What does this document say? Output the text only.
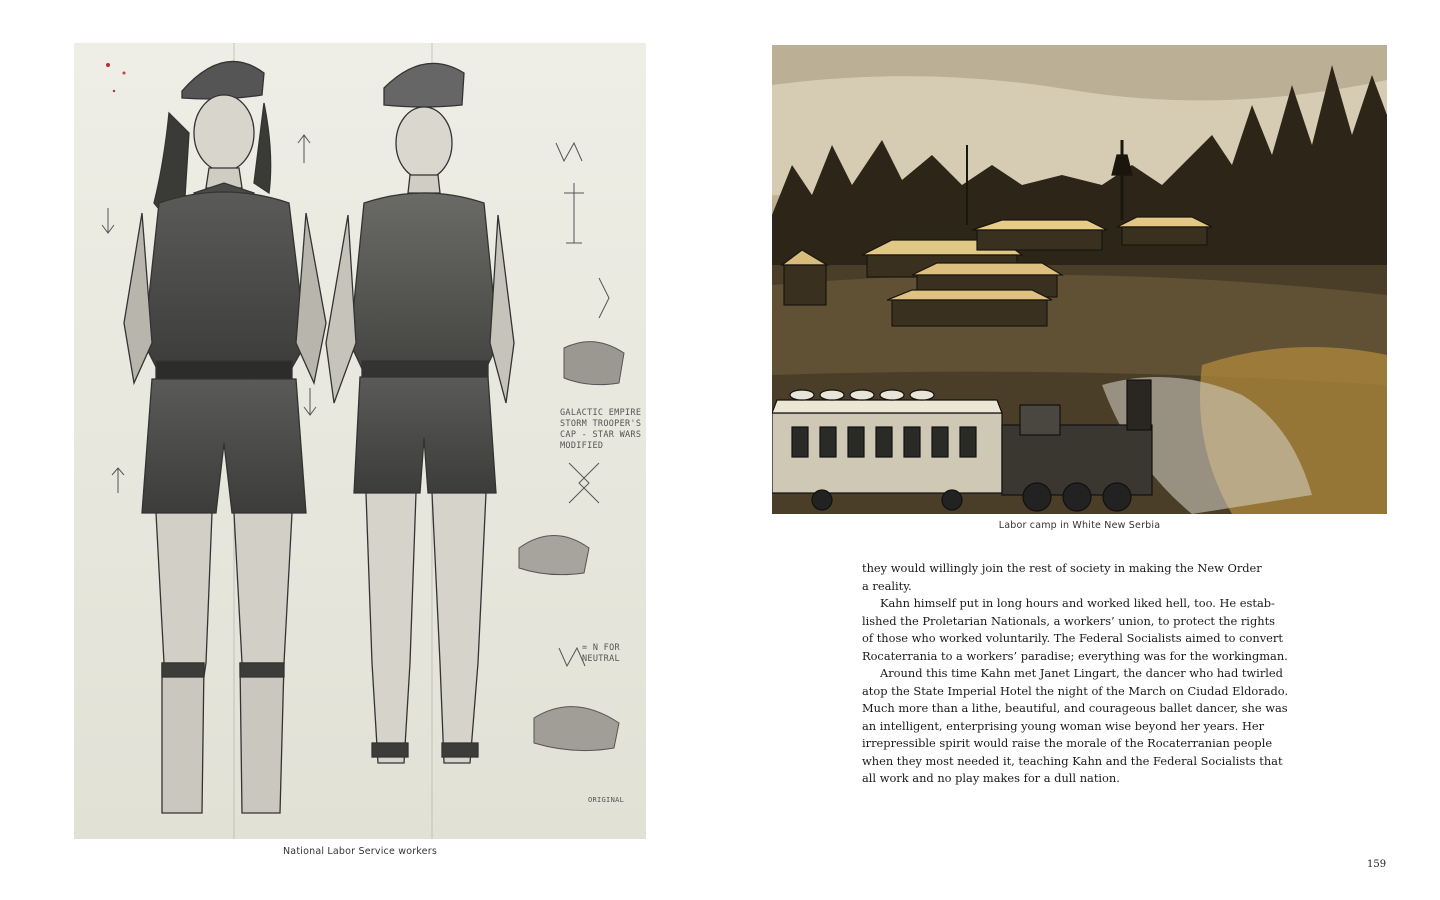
GALACTIC EMPIRE
STORM TROOPER'S
CAP - STAR WARS
MODIFIED
= N FOR
NEUTRAL
ORIGINAL
National Labor Service workers
Labor camp in White New Serbia
they would willingly join the rest of society in making the New Order
a reality.
Kahn himself put in long hours and worked liked hell, too. He estab-
lished the Proletarian Nationals, a workers’ union, to protect the rights
of those who worked voluntarily. The Federal Socialists aimed to convert
Rocaterrania to a workers’ paradise; everything was for the workingman.
Around this time Kahn met Janet Lingart, the dancer who had twirled
atop the State Imperial Hotel the night of the March on Ciudad Eldorado.
Much more than a lithe, beautiful, and courageous ballet dancer, she was
an intelligent, enterprising young woman wise beyond her years. Her
irrepressible spirit would raise the morale of the Rocaterranian people
when they most needed it, teaching Kahn and the Federal Socialists that
all work and no play makes for a dull nation.
159
